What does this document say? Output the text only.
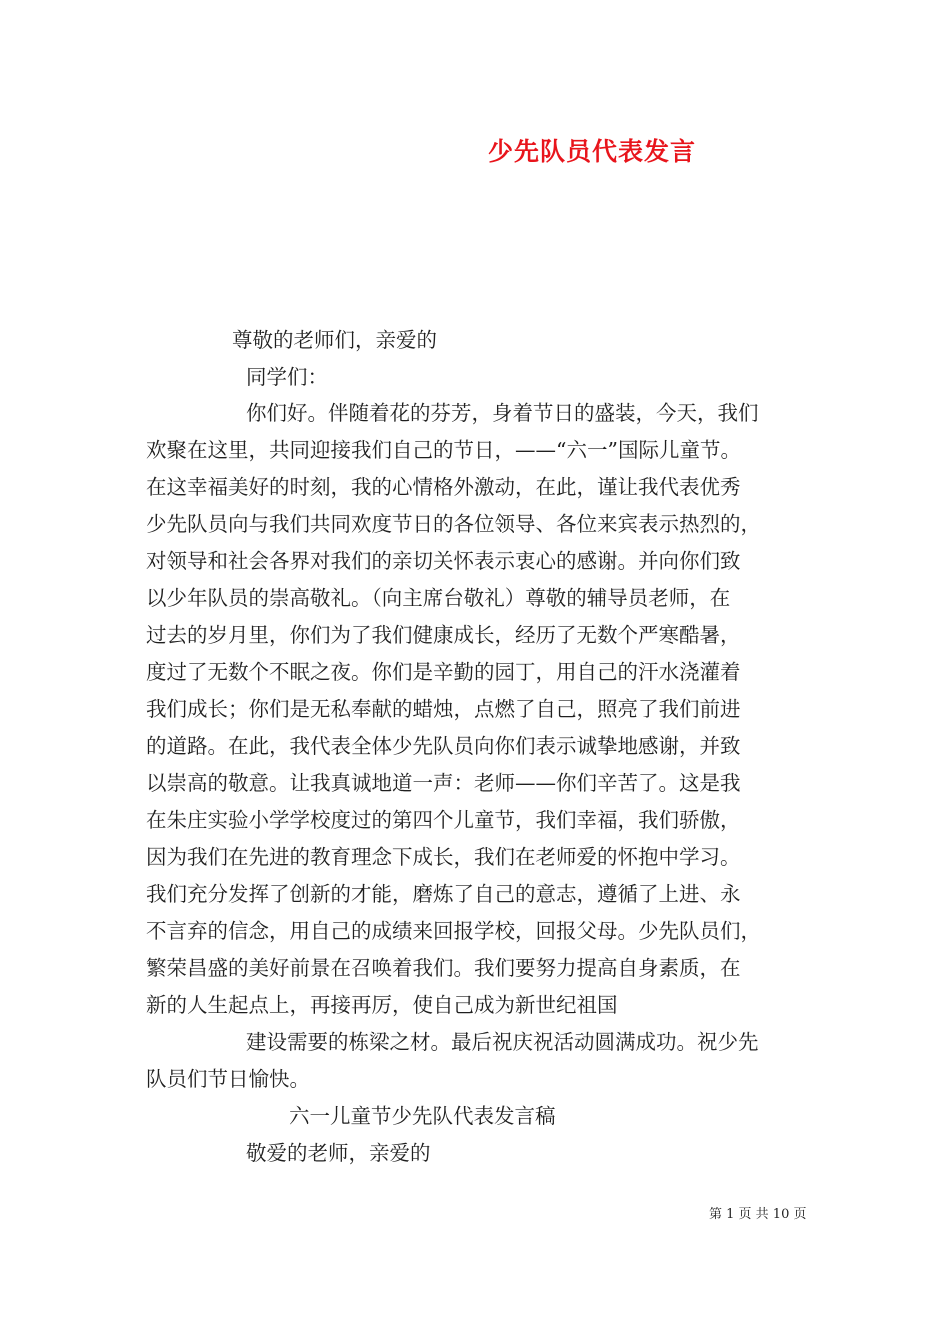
少先队员代表发言
尊敬的老师们，亲爱的
同学们：
你们好。伴随着花的芬芳，身着节日的盛装，今天，我们
欢聚在这里，共同迎接我们自己的节日，——“六一”国际儿童节。
在这幸福美好的时刻，我的心情格外激动，在此，谨让我代表优秀
少先队员向与我们共同欢度节日的各位领导、各位来宾表示热烈的，
对领导和社会各界对我们的亲切关怀表示衷心的感谢。并向你们致
以少年队员的崇高敬礼。（向主席台敬礼）尊敬的辅导员老师，在
过去的岁月里，你们为了我们健康成长，经历了无数个严寒酷暑，
度过了无数个不眠之夜。你们是辛勤的园丁，用自己的汗水浇灌着
我们成长；你们是无私奉献的蜡烛，点燃了自己，照亮了我们前进
的道路。在此，我代表全体少先队员向你们表示诚挚地感谢，并致
以崇高的敬意。让我真诚地道一声：老师——你们辛苦了。这是我
在朱庄实验小学学校度过的第四个儿童节，我们幸福，我们骄傲，
因为我们在先进的教育理念下成长，我们在老师爱的怀抱中学习。
我们充分发挥了创新的才能，磨炼了自己的意志，遵循了上进、永
不言弃的信念，用自己的成绩来回报学校，回报父母。少先队员们，
繁荣昌盛的美好前景在召唤着我们。我们要努力提高自身素质，在
新的人生起点上，再接再厉，使自己成为新世纪祖国
建设需要的栋梁之材。最后祝庆祝活动圆满成功。祝少先
队员们节日愉快。
六一儿童节少先队代表发言稿
敬爱的老师，亲爱的
第 1 页 共 10 页
